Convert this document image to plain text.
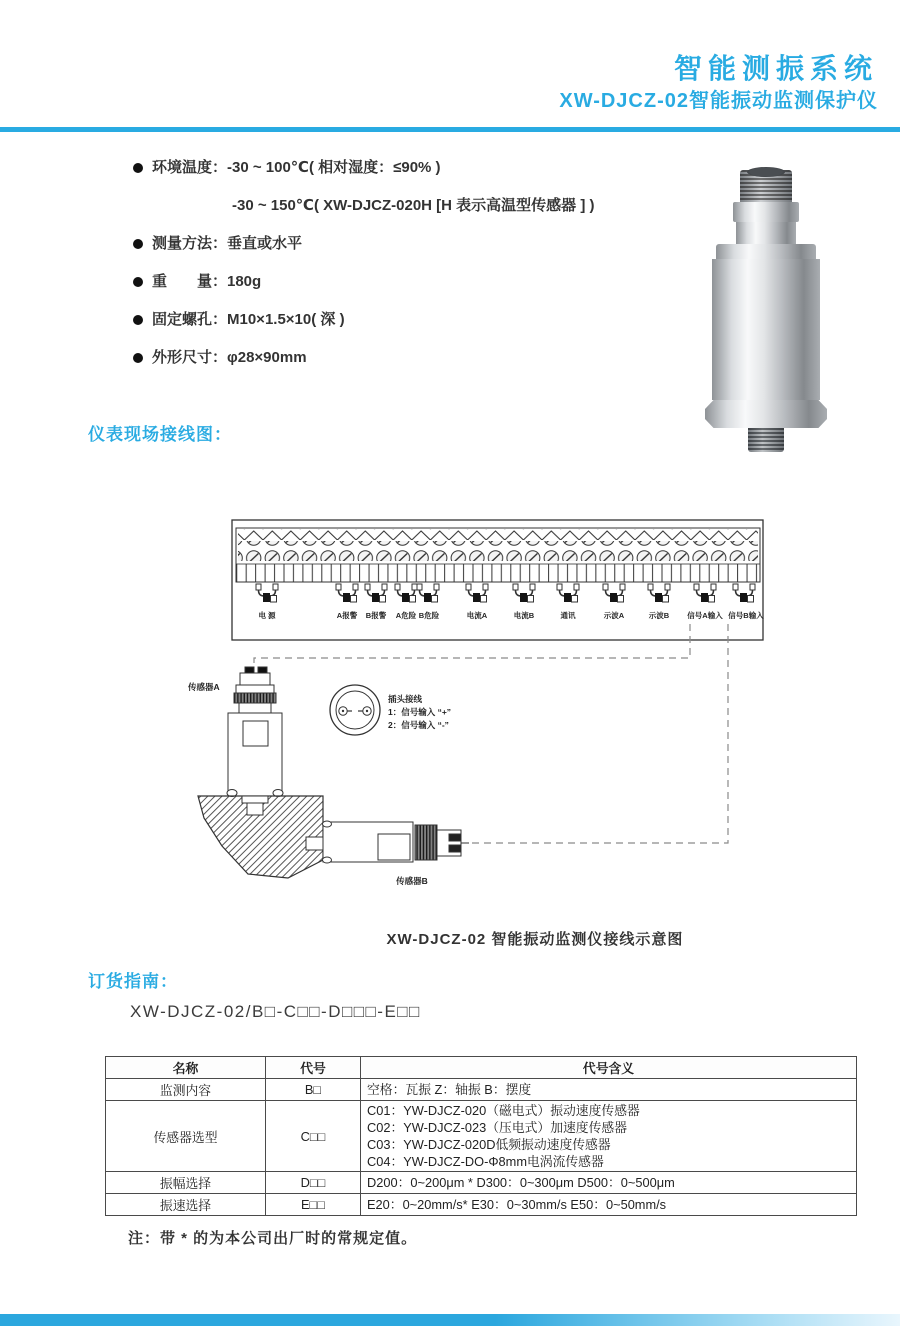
智能测振系统
XW-DJCZ-02智能振动监测保护仪
环境温度：-30 ~ 100℃( 相对湿度：≤90% )
-30 ~ 150℃( XW-DJCZ-020H [H 表示高温型传感器 ] )
测量方法：垂直或水平
重　　量：180g
固定螺孔：M10×1.5×10( 深 )
外形尺寸：φ28×90mm
仪表现场接线图：
电 源	A报警 B报警 A危险 B危险	电流A	电流B	通讯	示波A	示波B 信号A输入 信号B输入
传感器A
传感器B
插头接线
1：信号输入 “+”
2：信号输入 “-”
XW-DJCZ-02 智能振动监测仪接线示意图
订货指南：
XW-DJCZ-02/B□-C□□-D□□□-E□□
名称	代号	代号含义
监测内容	B□	空格：瓦振 Z：轴振 B：摆度

传感器选型	C□□	C01：YW-DJCZ-020（磁电式）振动速度传感器
C02：YW-DJCZ-023（压电式）加速度传感器
C03：YW-DJCZ-020D低频振动速度传感器
C04：YW-DJCZ-DO-Φ8mm电涡流传感器

振幅选择	D□□	D200：0~200μm * D300：0~300μm D500：0~500μm

振速选择	E□□	E20：0~20mm/s* E30：0~30mm/s E50：0~50mm/s
注：带 * 的为本公司出厂时的常规定值。
